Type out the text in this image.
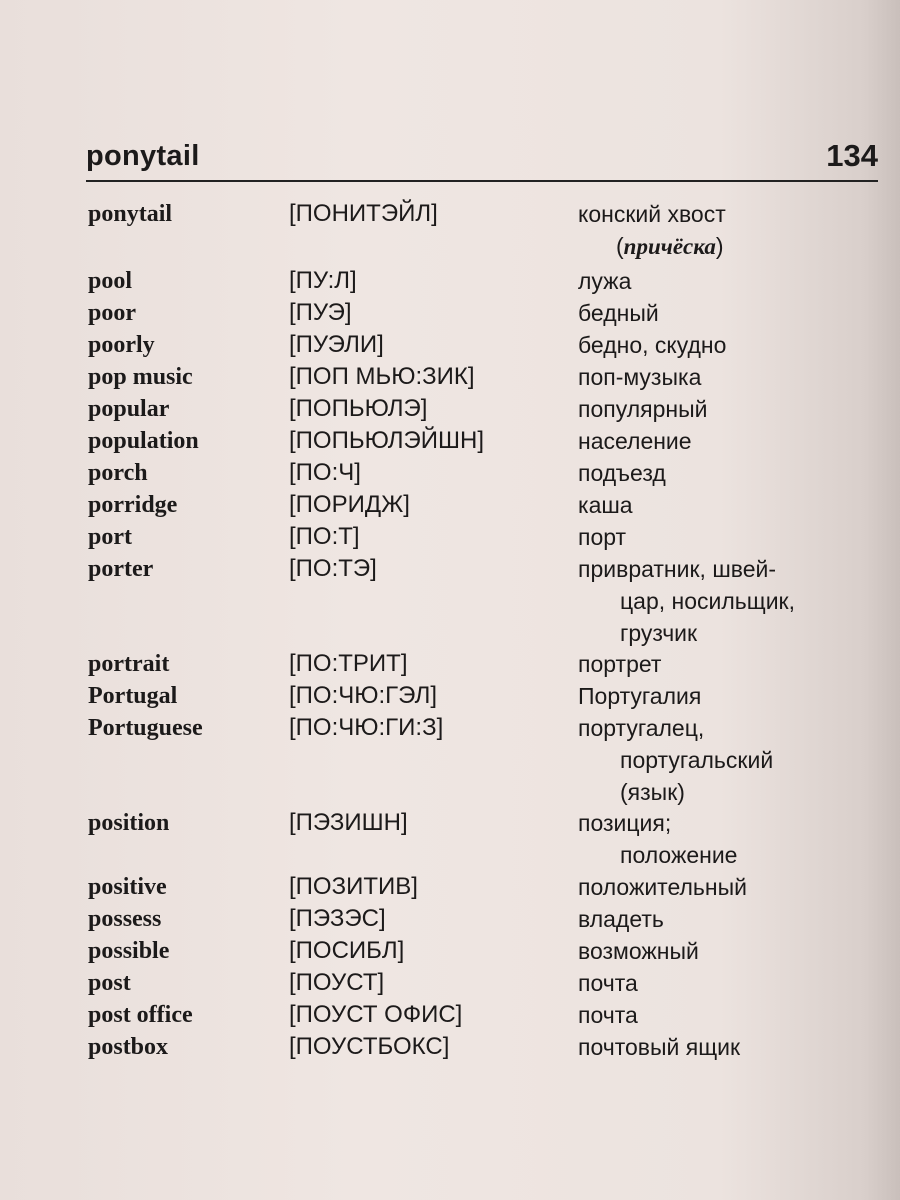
ponytail	134
ponytail	[ПОНИТЭЙЛ]	конский хвост
(причёска)
pool	[ПУ:Л]	лужа
poor	[ПУЭ]	бедный
poorly	[ПУЭЛИ]	бедно, скудно
pop music	[ПОП МЬЮ:ЗИК]	поп-музыка
popular	[ПОПЬЮЛЭ]	популярный
population	[ПОПЬЮЛЭЙШН]	население
porch	[ПО:Ч]	подъезд
porridge	[ПОРИДЖ]	каша
port	[ПО:Т]	порт
porter	[ПО:ТЭ]	привратник, швей-
цар, носильщик,
грузчик
portrait	[ПО:ТРИТ]	портрет
Portugal	[ПО:ЧЮ:ГЭЛ]	Португалия
Portuguese	[ПО:ЧЮ:ГИ:З]	португалец,
португальский
(язык)
position	[ПЭЗИШН]	позиция;
положение
positive	[ПОЗИТИВ]	положительный
possess	[ПЭЗЭС]	владеть
possible	[ПОСИБЛ]	возможный
post	[ПОУСТ]	почта
post office	[ПОУСТ ОФИС]	почта
postbox	[ПОУСТБОКС]	почтовый ящик
